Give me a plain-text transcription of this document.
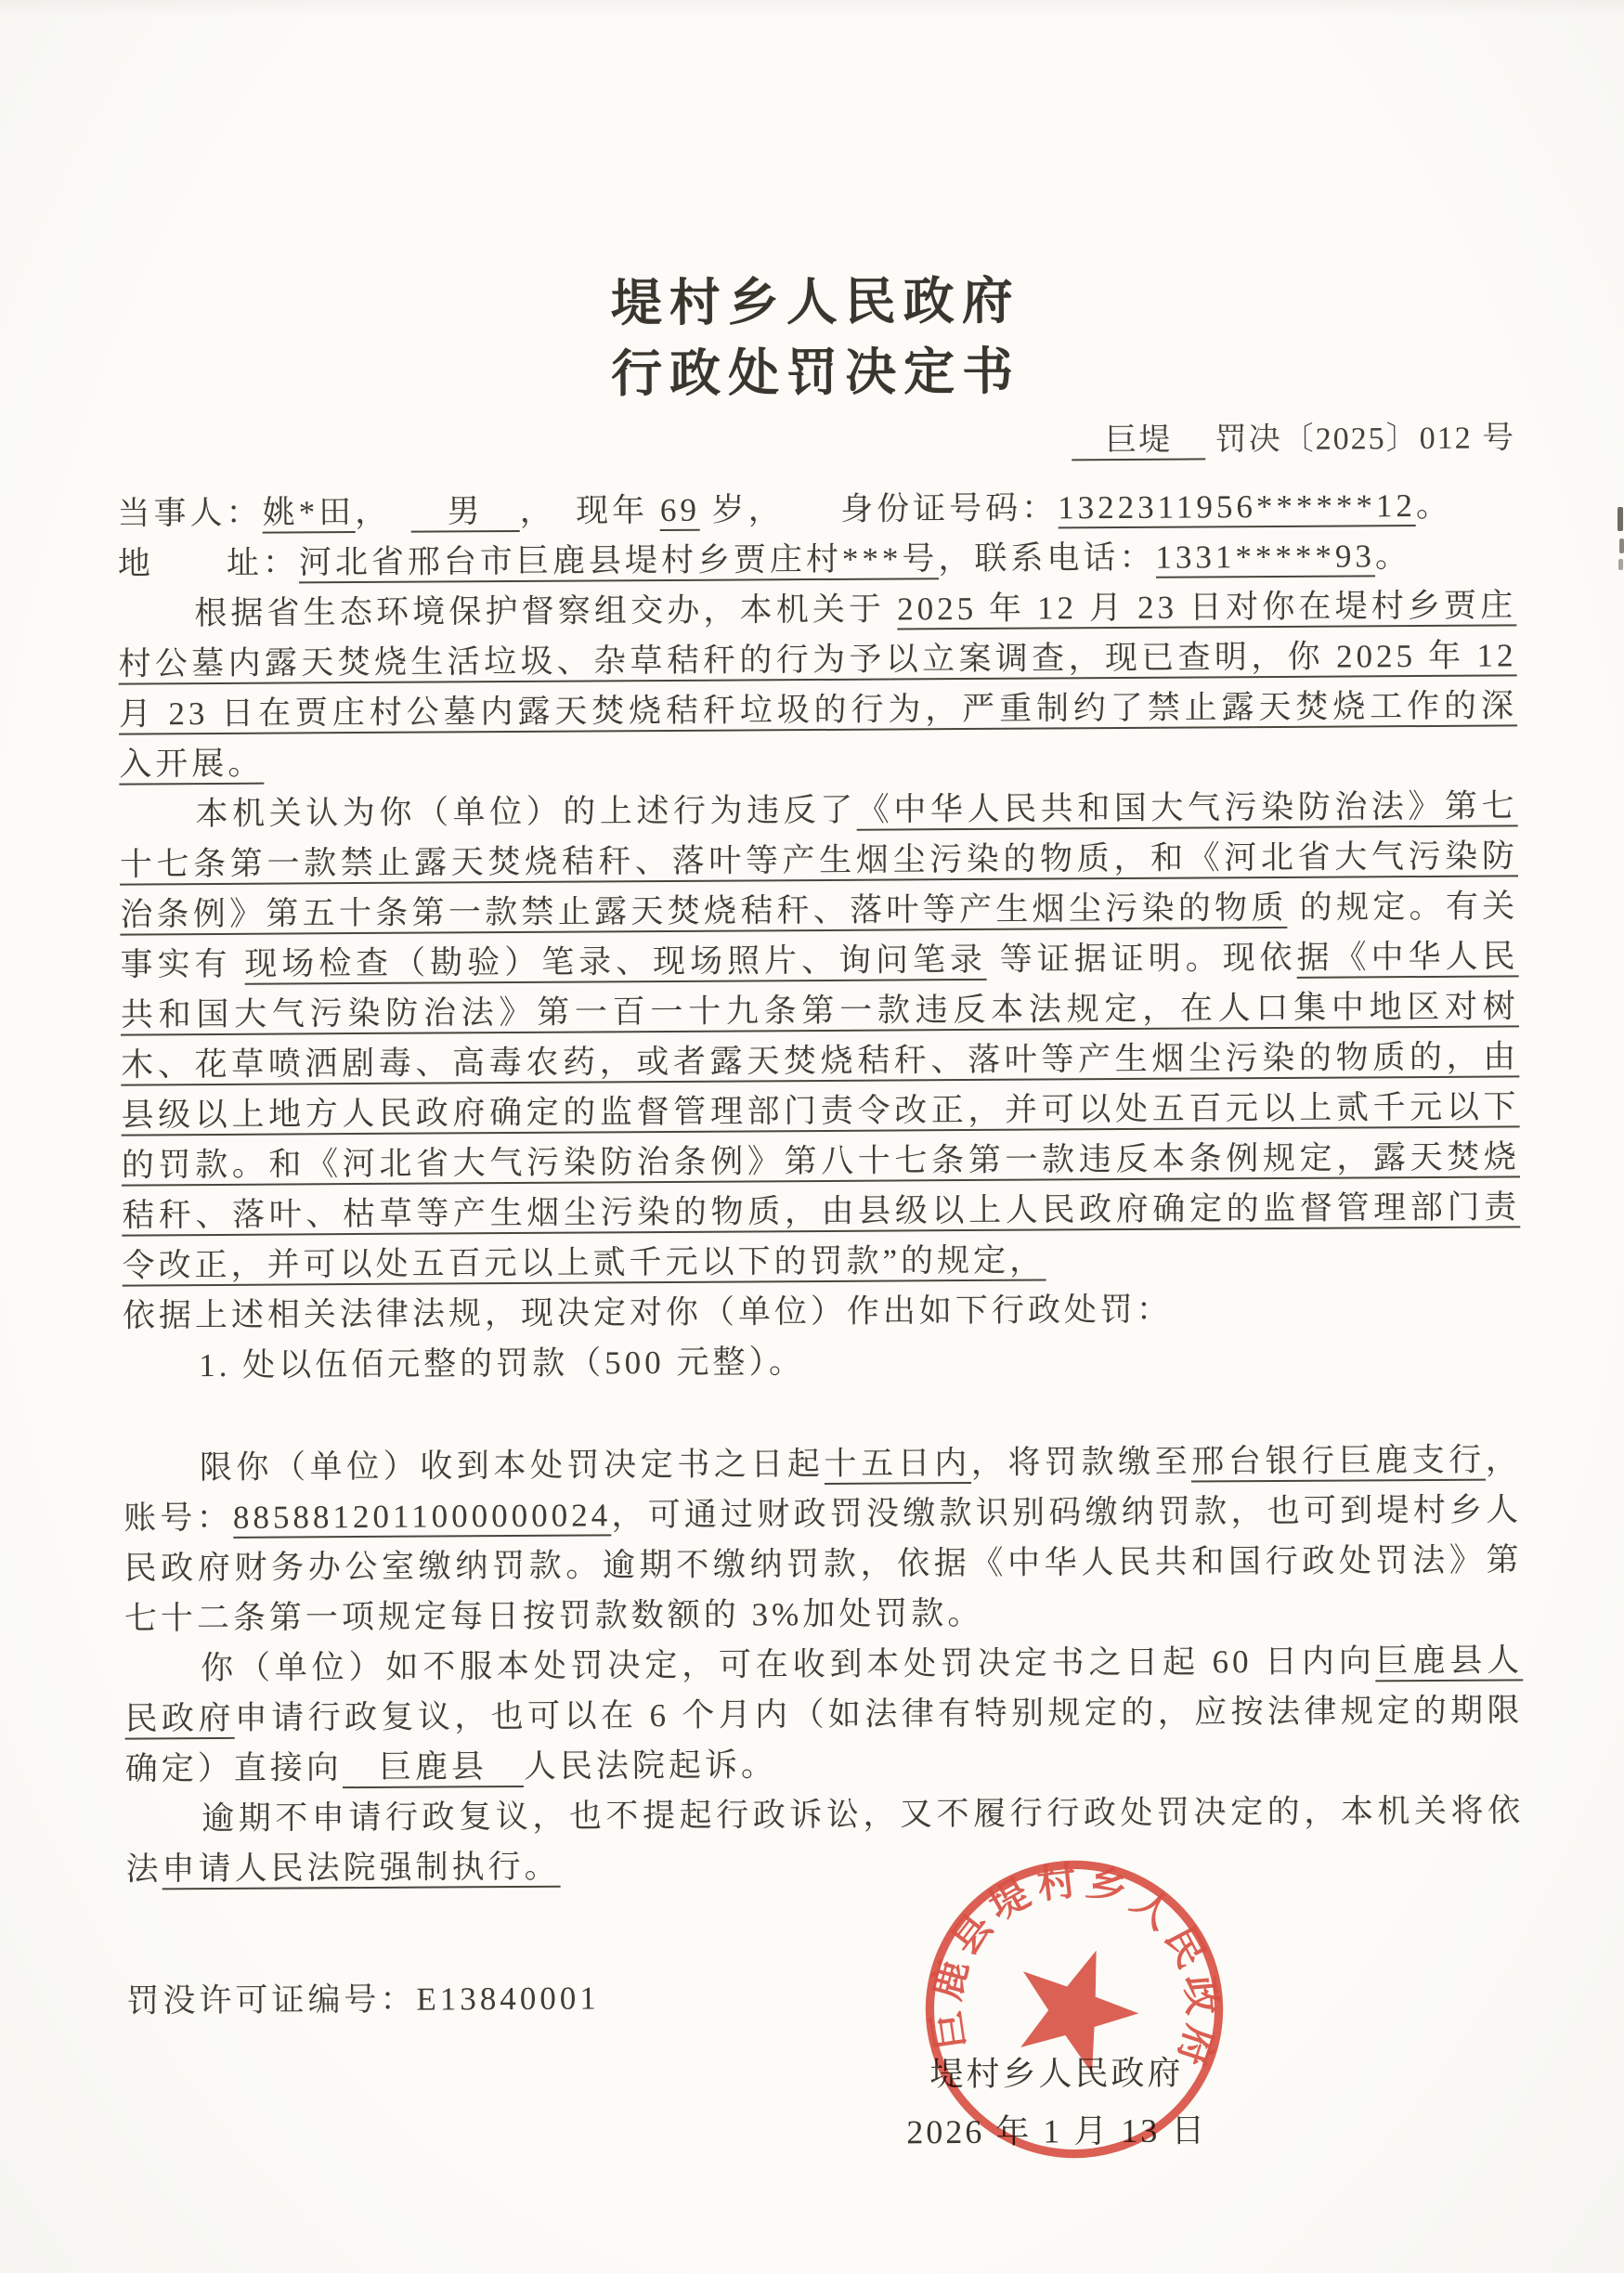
堤村乡人民政府
行政处罚决定书
　巨堤　 罚决〔2025〕012 号

当事人：姚*田，　　男　，　现年 69 岁，　　身份证号码：1322311956******12。

地　　址：河北省邢台市巨鹿县堤村乡贾庄村***号，联系电话：1331*****93。

根据省生态环境保护督察组交办，本机关于 2025 年 12 月 23 日对你在堤村乡贾庄村公墓内露天焚烧生活垃圾、杂草秸秆的行为予以立案调查，现已查明，你 2025 年 12 月 23 日在贾庄村公墓内露天焚烧秸秆垃圾的行为，严重制约了禁止露天焚烧工作的深入开展。

本机关认为你（单位）的上述行为违反了《中华人民共和国大气污染防治法》第七十七条第一款禁止露天焚烧秸秆、落叶等产生烟尘污染的物质，和《河北省大气污染防治条例》第五十条第一款禁止露天焚烧秸秆、落叶等产生烟尘污染的物质 的规定。有关事实有 现场检查（勘验）笔录、现场照片、询问笔录 等证据证明。现依据《中华人民共和国大气污染防治法》第一百一十九条第一款违反本法规定，在人口集中地区对树木、花草喷洒剧毒、高毒农药，或者露天焚烧秸秆、落叶等产生烟尘污染的物质的，由县级以上地方人民政府确定的监督管理部门责令改正，并可以处五百元以上贰千元以下的罚款。和《河北省大气污染防治条例》第八十七条第一款违反本条例规定，露天焚烧秸秆、落叶、枯草等产生烟尘污染的物质，由县级以上人民政府确定的监督管理部门责令改正，并可以处五百元以上贰千元以下的罚款”的规定，

依据上述相关法律法规，现决定对你（单位）作出如下行政处罚：

1. 处以伍佰元整的罚款（500 元整）。

限你（单位）收到本处罚决定书之日起十五日内，将罚款缴至邢台银行巨鹿支行，账号：8858812011000000024，可通过财政罚没缴款识别码缴纳罚款，也可到堤村乡人民政府财务办公室缴纳罚款。逾期不缴纳罚款，依据《中华人民共和国行政处罚法》第七十二条第一项规定每日按罚款数额的 3%加处罚款。

你（单位）如不服本处罚决定，可在收到本处罚决定书之日起 60 日内向巨鹿县人民政府申请行政复议，也可以在 6 个月内（如法律有特别规定的，应按法律规定的期限确定）直接向　巨鹿县　人民法院起诉。

逾期不申请行政复议，也不提起行政诉讼，又不履行行政处罚决定的，本机关将依法申请人民法院强制执行。

罚没许可证编号：E13840001

堤村乡人民政府
2026 年 1 月 13 日
巨鹿县堤村乡人民政府
